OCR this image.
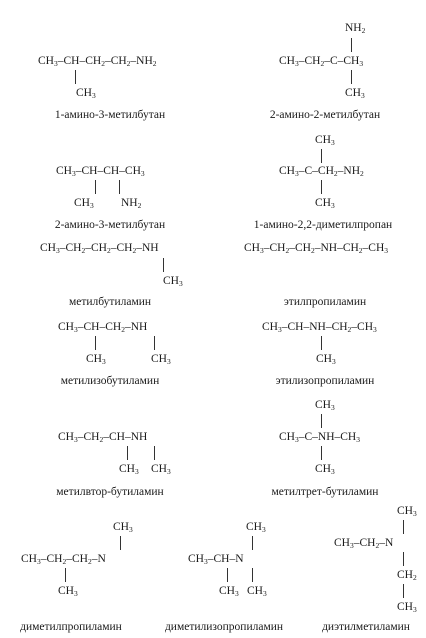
$CH_3-CH-CH_2-CH_2-NH_2$
$CH_3$
1-амино-3-метилбутан
$NH_2$
$CH_3-CH_2-C-CH_3$
$CH_3$
2-амино-2-метилбутан
$CH_3-CH-CH-CH_3$
$CH_3$ $NH_2$
2-амино-3-метилбутан
$CH_3$
$CH_3-C-CH_2-NH_2$
$CH_3$
1-амино-2,2-диметилпропан
$CH_3-CH_2-CH_2-CH_2-NH$
$CH_3$
метилбутиламин
$CH_3-CH_2-CH_2-NH-CH_2-CH_3$
этилпропиламин
$CH_3-CH-CH_2-NH$
$CH_3$	$CH_3$
метилизобутиламин
$CH_3-CH-NH-CH_2-CH_3$
$CH_3$
этилизопропиламин
$CH_3-CH_2-CH-NH$
$CH_3$ $CH_3$
метилвтор-бутиламин
$CH_3$
$CH_3-C-NH-CH_3$
$CH_3$
метилтрет-бутиламин
$CH_3$
$CH_3-CH_2-CH_2-N$
$CH_3$
диметилпропиламин
$CH_3$
$CH_3-CH-N$
$CH_3$ $CH_3$
диметилизопропиламин
$CH_3$
$CH_3-CH_2-N$
$CH_2$
$CH_3$
диэтилметиламин
